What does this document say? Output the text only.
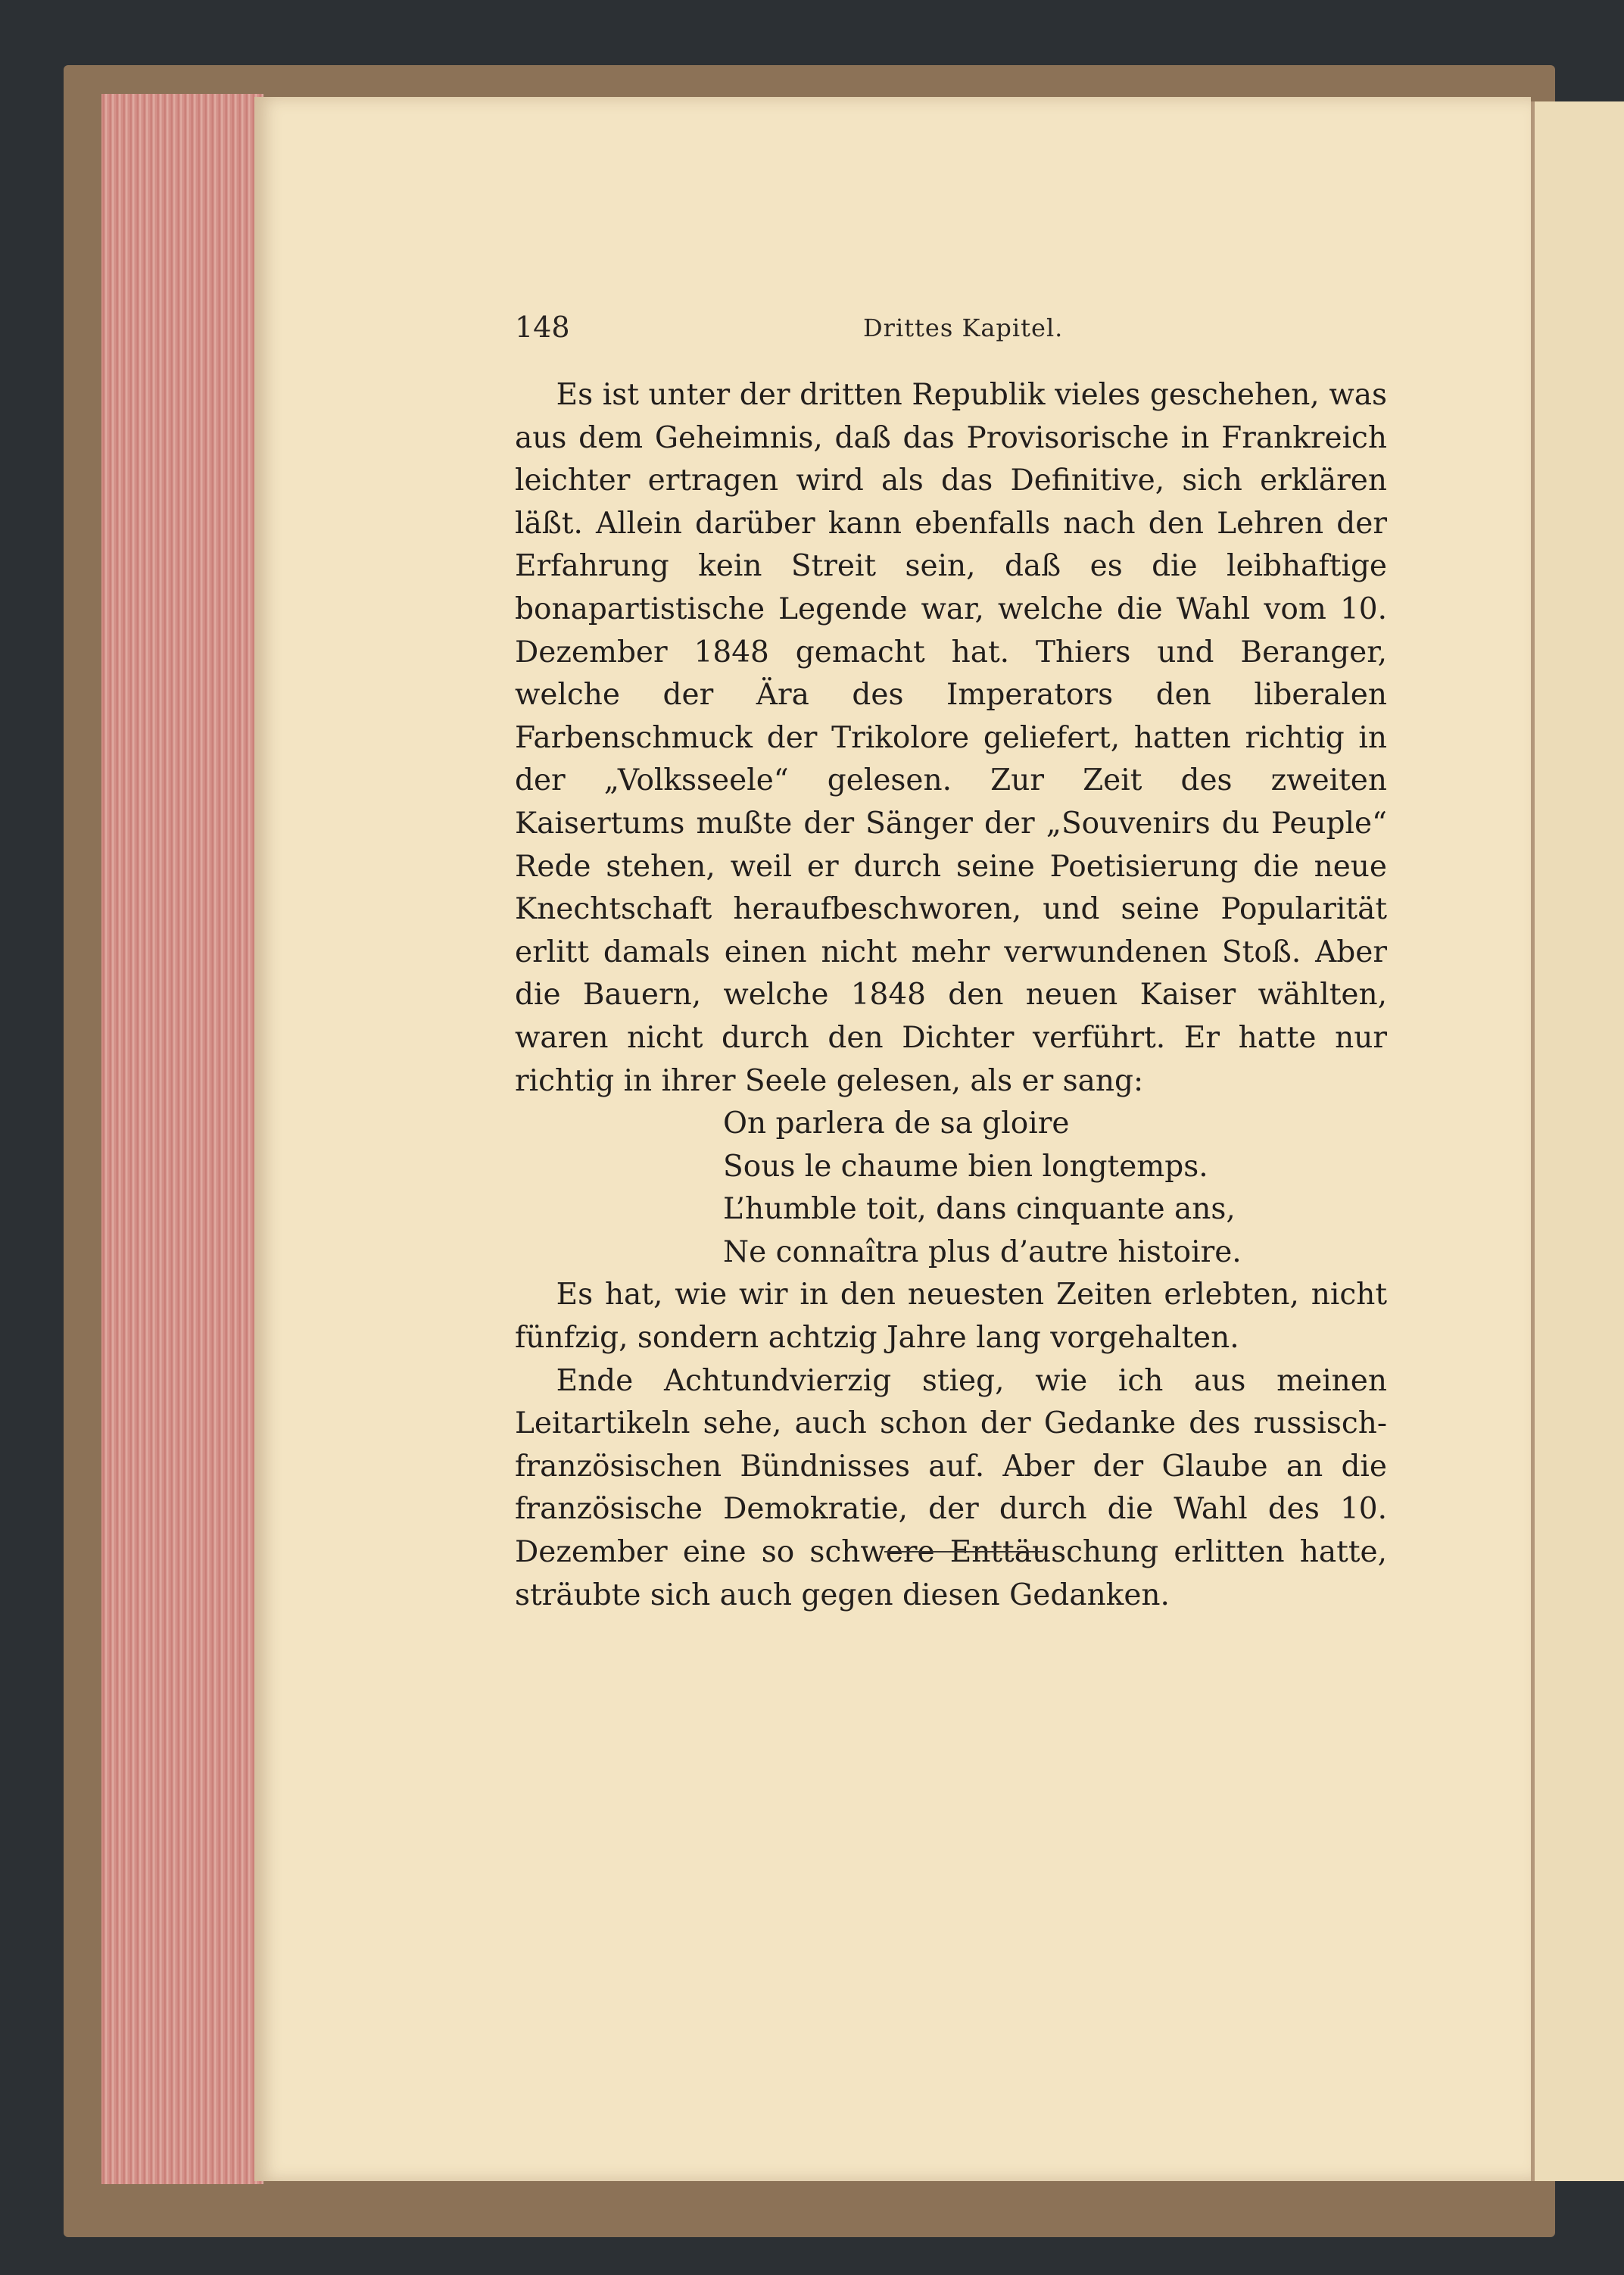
148	Drittes Kapitel.

Es ist unter der dritten Republik vieles geschehen, was aus dem Geheimnis, daß das Provisorische in Frankreich leichter ertragen wird als das Definitive, sich erklären läßt. Allein darüber kann ebenfalls nach den Lehren der Erfahrung kein Streit sein, daß es die leibhaftige bonapartistische Legende war, welche die Wahl vom 10. Dezember 1848 gemacht hat. Thiers und Beranger, welche der Ära des Imperators den liberalen Farbenschmuck der Trikolore geliefert, hatten richtig in der „Volksseele“ gelesen. Zur Zeit des zweiten Kaisertums mußte der Sänger der „Souvenirs du Peuple“ Rede stehen, weil er durch seine Poetisierung die neue Knechtschaft heraufbeschworen, und seine Popularität erlitt damals einen nicht mehr verwundenen Stoß. Aber die Bauern, welche 1848 den neuen Kaiser wählten, waren nicht durch den Dichter verführt. Er hatte nur richtig in ihrer Seele gelesen, als er sang:

On parlera de sa gloire
Sous le chaume bien longtemps.
L’humble toit, dans cinquante ans,
Ne connaîtra plus d’autre histoire.

Es hat, wie wir in den neuesten Zeiten erlebten, nicht fünfzig, sondern achtzig Jahre lang vorgehalten.

Ende Achtundvierzig stieg, wie ich aus meinen Leitartikeln sehe, auch schon der Gedanke des russisch-französischen Bündnisses auf. Aber der Glaube an die französische Demokratie, der durch die Wahl des 10. Dezember eine so schwere Enttäuschung erlitten hatte, sträubte sich auch gegen diesen Gedanken.
